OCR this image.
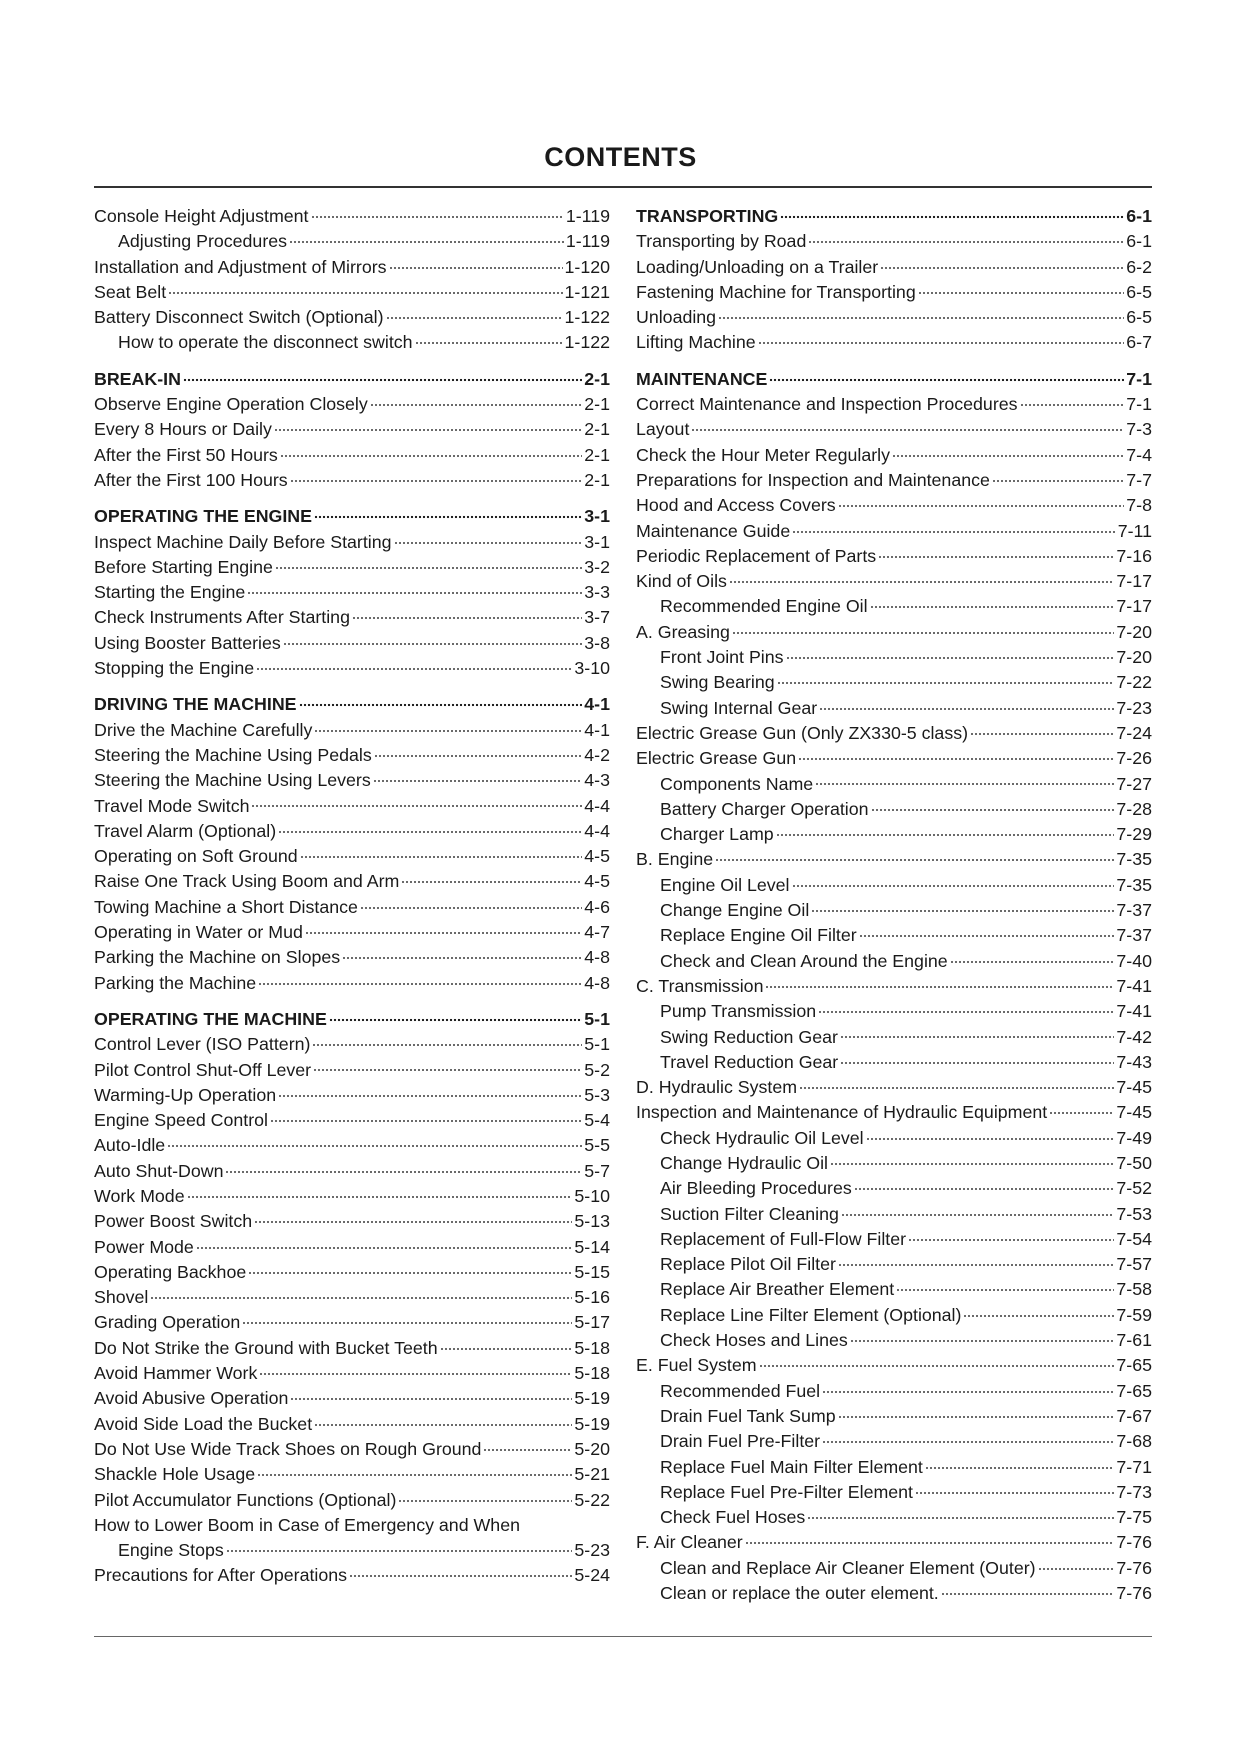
CONTENTS
Console Height Adjustment	1-119
Adjusting Procedures	1-119
Installation and Adjustment of Mirrors	1-120
Seat Belt	1-121
Battery Disconnect Switch (Optional)	1-122
How to operate the disconnect switch	1-122
BREAK-IN	2-1
Observe Engine Operation Closely	2-1
Every 8 Hours or Daily	2-1
After the First 50 Hours	2-1
After the First 100 Hours	2-1
OPERATING THE ENGINE	3-1
Inspect Machine Daily Before Starting	3-1
Before Starting Engine	3-2
Starting the Engine	3-3
Check Instruments After Starting	3-7
Using Booster Batteries	3-8
Stopping the Engine	3-10
DRIVING THE MACHINE	4-1
Drive the Machine Carefully	4-1
Steering the Machine Using Pedals	4-2
Steering the Machine Using Levers	4-3
Travel Mode Switch	4-4
Travel Alarm (Optional)	4-4
Operating on Soft Ground	4-5
Raise One Track Using Boom and Arm	4-5
Towing Machine a Short Distance	4-6
Operating in Water or Mud	4-7
Parking the Machine on Slopes	4-8
Parking the Machine	4-8
OPERATING THE MACHINE	5-1
Control Lever (ISO Pattern)	5-1
Pilot Control Shut-Off Lever	5-2
Warming-Up Operation	5-3
Engine Speed Control	5-4
Auto-Idle	5-5
Auto Shut-Down	5-7
Work Mode	5-10
Power Boost Switch	5-13
Power Mode	5-14
Operating Backhoe	5-15
Shovel	5-16
Grading Operation	5-17
Do Not Strike the Ground with Bucket Teeth	5-18
Avoid Hammer Work	5-18
Avoid Abusive Operation	5-19
Avoid Side Load the Bucket	5-19
Do Not Use Wide Track Shoes on Rough Ground	5-20
Shackle Hole Usage	5-21
Pilot Accumulator Functions (Optional)	5-22
How to Lower Boom in Case of Emergency and When
Engine Stops	5-23
Precautions for After Operations	5-24
TRANSPORTING	6-1
Transporting by Road	6-1
Loading/Unloading on a Trailer	6-2
Fastening Machine for Transporting	6-5
Unloading	6-5
Lifting Machine	6-7
MAINTENANCE	7-1
Correct Maintenance and Inspection Procedures	7-1
Layout	7-3
Check the Hour Meter Regularly	7-4
Preparations for Inspection and Maintenance	7-7
Hood and Access Covers	7-8
Maintenance Guide	7-11
Periodic Replacement of Parts	7-16
Kind of Oils	7-17
Recommended Engine Oil	7-17
A. Greasing	7-20
Front Joint Pins	7-20
Swing Bearing	7-22
Swing Internal Gear	7-23
Electric Grease Gun (Only ZX330-5 class)	7-24
Electric Grease Gun	7-26
Components Name	7-27
Battery Charger Operation	7-28
Charger Lamp	7-29
B. Engine	7-35
Engine Oil Level	7-35
Change Engine Oil	7-37
Replace Engine Oil Filter	7-37
Check and Clean Around the Engine	7-40
C. Transmission	7-41
Pump Transmission	7-41
Swing Reduction Gear	7-42
Travel Reduction Gear	7-43
D. Hydraulic System	7-45
Inspection and Maintenance of Hydraulic Equipment	7-45
Check Hydraulic Oil Level	7-49
Change Hydraulic Oil	7-50
Air Bleeding Procedures	7-52
Suction Filter Cleaning	7-53
Replacement of Full-Flow Filter	7-54
Replace Pilot Oil Filter	7-57
Replace Air Breather Element	7-58
Replace Line Filter Element (Optional)	7-59
Check Hoses and Lines	7-61
E. Fuel System	7-65
Recommended Fuel	7-65
Drain Fuel Tank Sump	7-67
Drain Fuel Pre-Filter	7-68
Replace Fuel Main Filter Element	7-71
Replace Fuel Pre-Filter Element	7-73
Check Fuel Hoses	7-75
F. Air Cleaner	7-76
Clean and Replace Air Cleaner Element (Outer)	7-76
Clean or replace the outer element.	7-76
